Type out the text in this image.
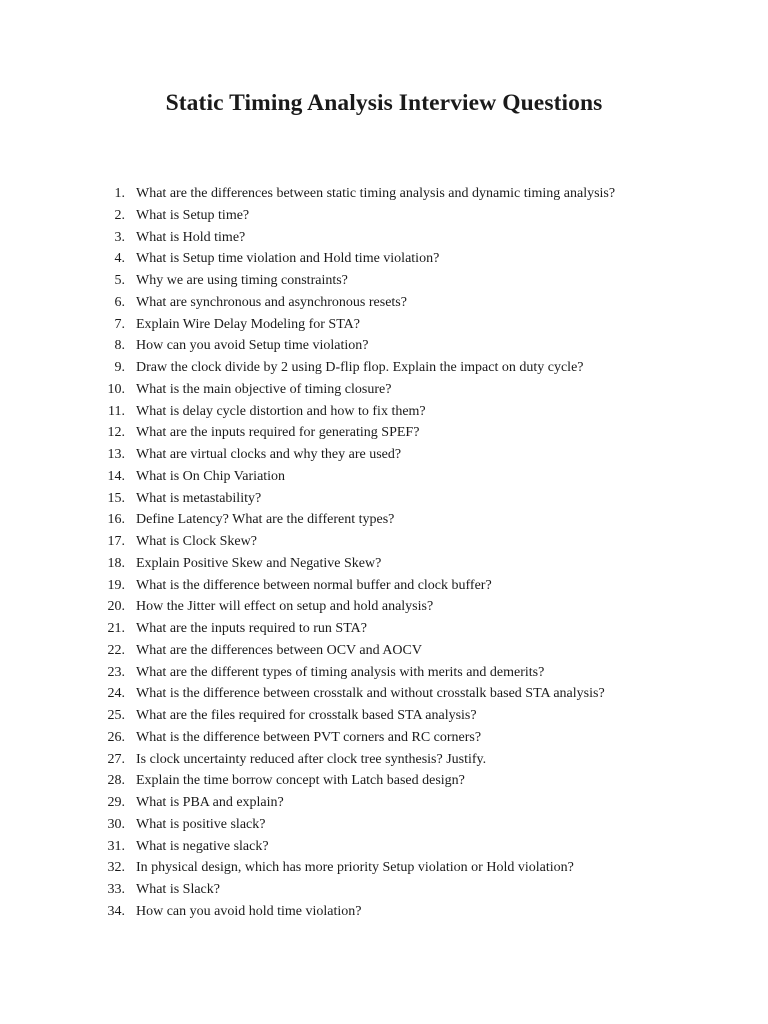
Static Timing Analysis Interview Questions
1. What are the differences between static timing analysis and dynamic timing analysis?
2. What is Setup time?
3. What is Hold time?
4. What is Setup time violation and Hold time violation?
5. Why we are using timing constraints?
6. What are synchronous and asynchronous resets?
7. Explain Wire Delay Modeling for STA?
8. How can you avoid Setup time violation?
9. Draw the clock divide by 2 using D-flip flop. Explain the impact on duty cycle?
10. What is the main objective of timing closure?
11. What is delay cycle distortion and how to fix them?
12. What are the inputs required for generating SPEF?
13. What are virtual clocks and why they are used?
14. What is On Chip Variation
15. What is metastability?
16. Define Latency? What are the different types?
17. What is Clock Skew?
18. Explain Positive Skew and Negative Skew?
19. What is the difference between normal buffer and clock buffer?
20. How the Jitter will effect on setup and hold analysis?
21. What are the inputs required to run STA?
22. What are the differences between OCV and AOCV
23. What are the different types of timing analysis with merits and demerits?
24. What is the difference between crosstalk and without crosstalk based STA analysis?
25. What are the files required for crosstalk based STA analysis?
26. What is the difference between PVT corners and RC corners?
27. Is clock uncertainty reduced after clock tree synthesis? Justify.
28. Explain the time borrow concept with Latch based design?
29. What is PBA and explain?
30. What is positive slack?
31. What is negative slack?
32. In physical design, which has more priority Setup violation or Hold violation?
33. What is Slack?
34. How can you avoid hold time violation?
